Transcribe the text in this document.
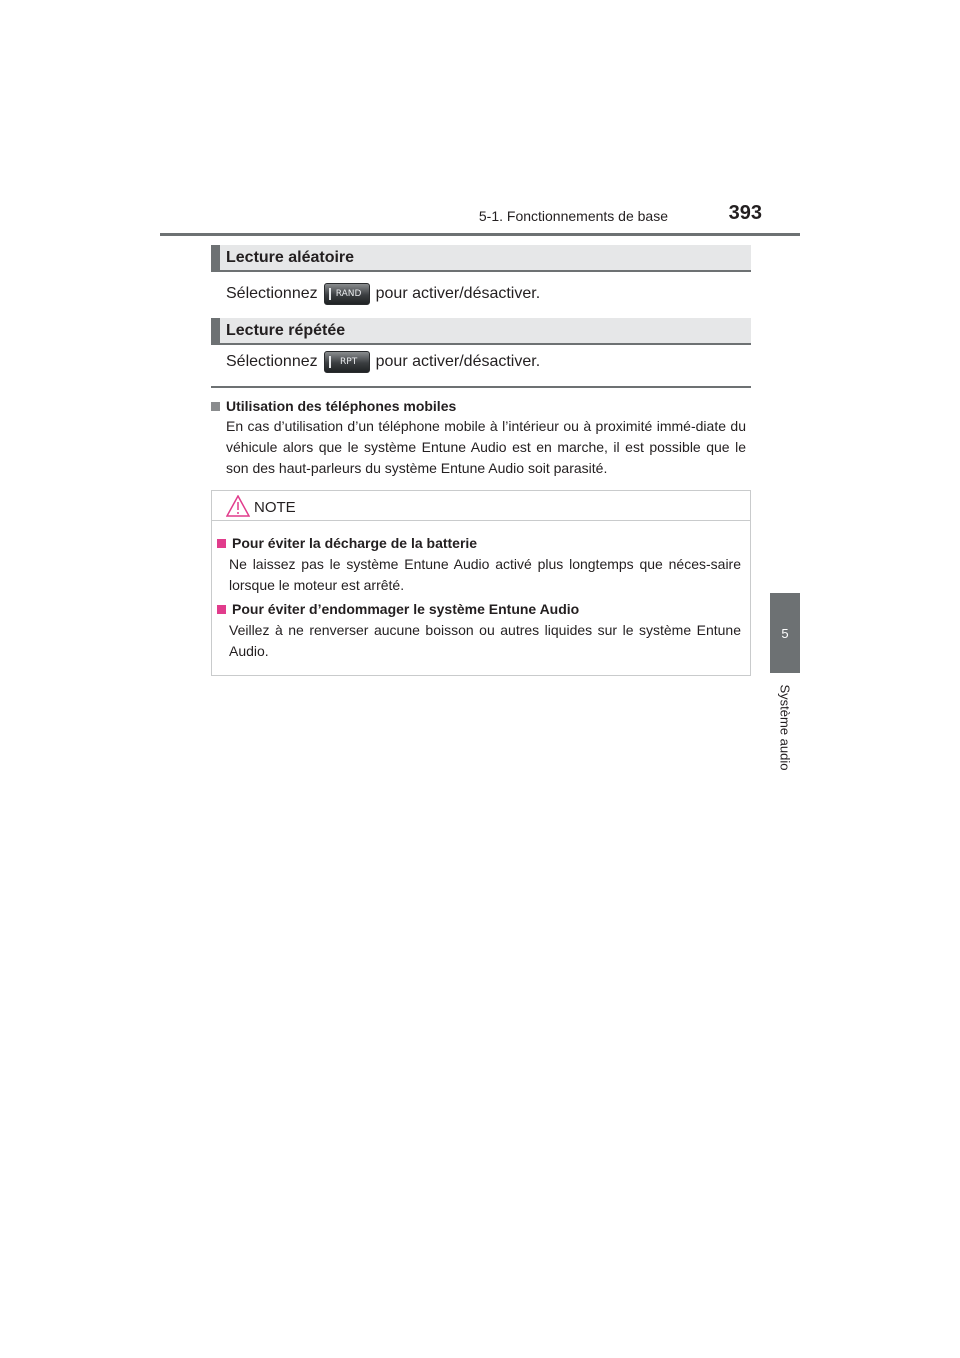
5-1. Fonctionnements de base	393
5
Système audio
Lecture aléatoire
Sélectionnez	RAND pour activer/désactiver.
Lecture répétée
Sélectionnez	RPT	pour activer/désactiver.
Utilisation des téléphones mobiles
En cas d’utilisation d’un téléphone mobile à l’intérieur ou à proximité immé-diate du véhicule alors que le système Entune Audio est en marche, il est possible que le son des haut-parleurs du système Entune Audio soit parasité.
NOTE
Pour éviter la décharge de la batterie
Ne laissez pas le système Entune Audio activé plus longtemps que néces-saire lorsque le moteur est arrêté.
Pour éviter d’endommager le système Entune Audio
Veillez à ne renverser aucune boisson ou autres liquides sur le système Entune Audio.
